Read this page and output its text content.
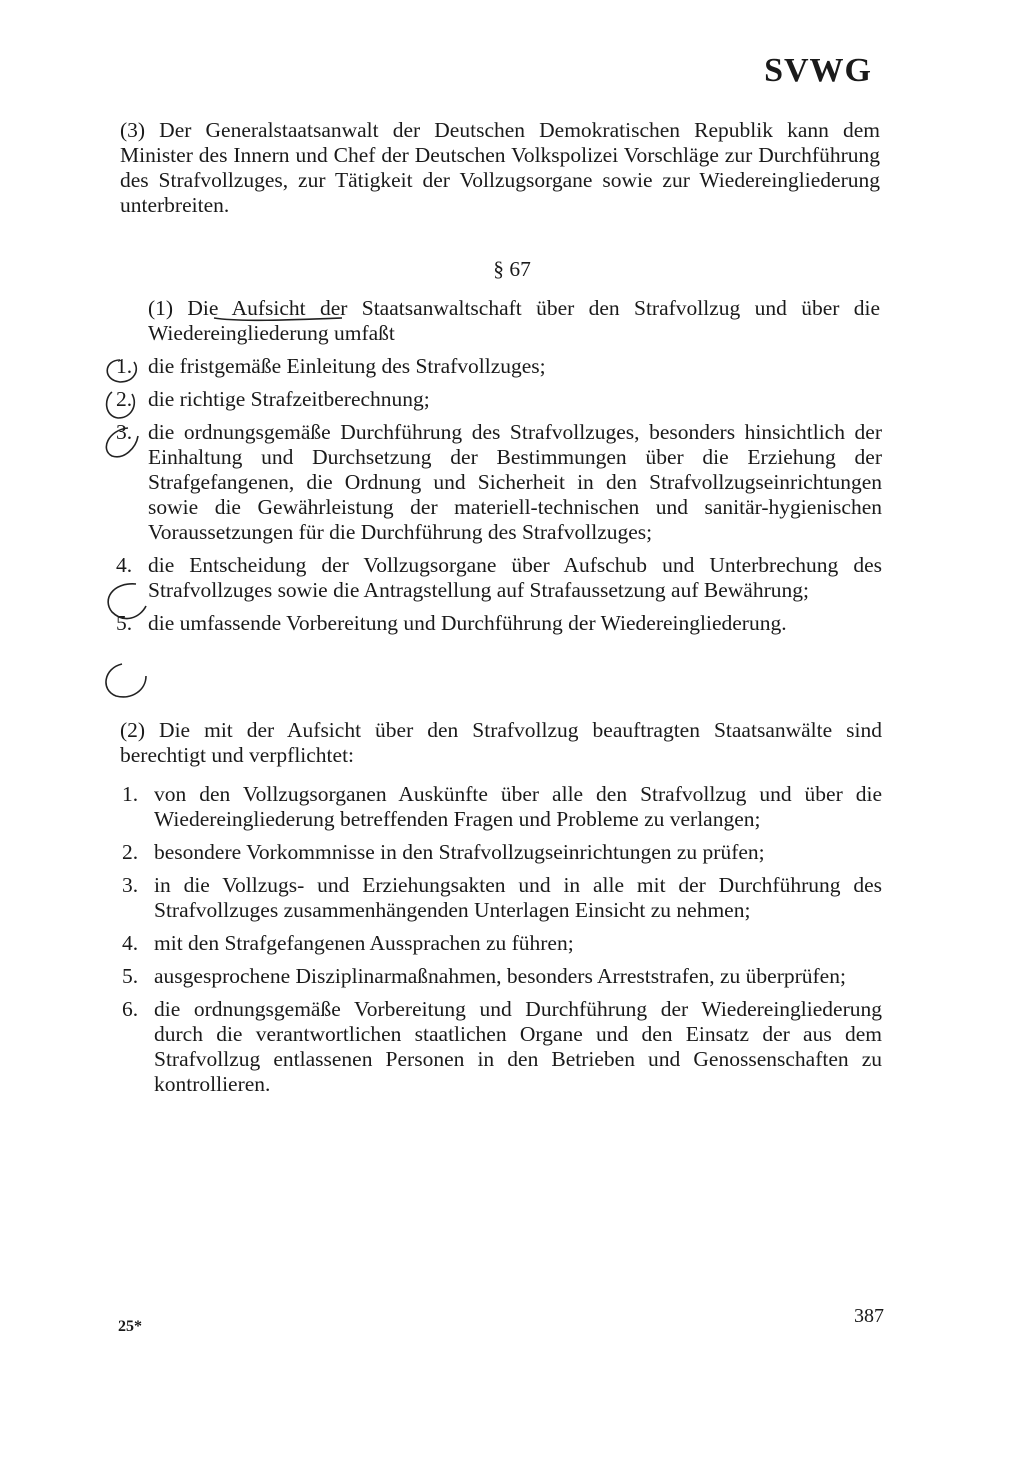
SVWG
(3) Der Generalstaatsanwalt der Deutschen Demokratischen Republik kann dem Minister des Innern und Chef der Deutschen Volkspolizei Vorschläge zur Durchführung des Strafvollzuges, zur Tätigkeit der Vollzugsorgane sowie zur Wiedereingliederung unterbreiten.
§ 67
(1) Die Aufsicht der Staatsanwaltschaft über den Strafvollzug und über die Wiedereingliederung umfaßt
1. die fristgemäße Einleitung des Strafvollzuges;
2. die richtige Strafzeitberechnung;
3. die ordnungsgemäße Durchführung des Strafvollzuges, besonders hinsichtlich der Einhaltung und Durchsetzung der Bestimmungen über die Erziehung der Strafgefangenen, die Ordnung und Sicherheit in den Strafvollzugseinrichtungen sowie die Gewährleistung der materiell-technischen und sanitär-hygienischen Voraussetzungen für die Durchführung des Strafvollzuges;
4. die Entscheidung der Vollzugsorgane über Aufschub und Unterbrechung des Strafvollzuges sowie die Antragstellung auf Strafaussetzung auf Bewährung;
5. die umfassende Vorbereitung und Durchführung der Wiedereingliederung.
(2) Die mit der Aufsicht über den Strafvollzug beauftragten Staatsanwälte sind berechtigt und verpflichtet:
1. von den Vollzugsorganen Auskünfte über alle den Strafvollzug und über die Wiedereingliederung betreffenden Fragen und Probleme zu verlangen;
2. besondere Vorkommnisse in den Strafvollzugseinrichtungen zu prüfen;
3. in die Vollzugs- und Erziehungsakten und in alle mit der Durchführung des Strafvollzuges zusammenhängenden Unterlagen Einsicht zu nehmen;
4. mit den Strafgefangenen Aussprachen zu führen;
5. ausgesprochene Disziplinarmaßnahmen, besonders Arreststrafen, zu überprüfen;
6. die ordnungsgemäße Vorbereitung und Durchführung der Wiedereingliederung durch die verantwortlichen staatlichen Organe und den Einsatz der aus dem Strafvollzug entlassenen Personen in den Betrieben und Genossenschaften zu kontrollieren.
25*	387
